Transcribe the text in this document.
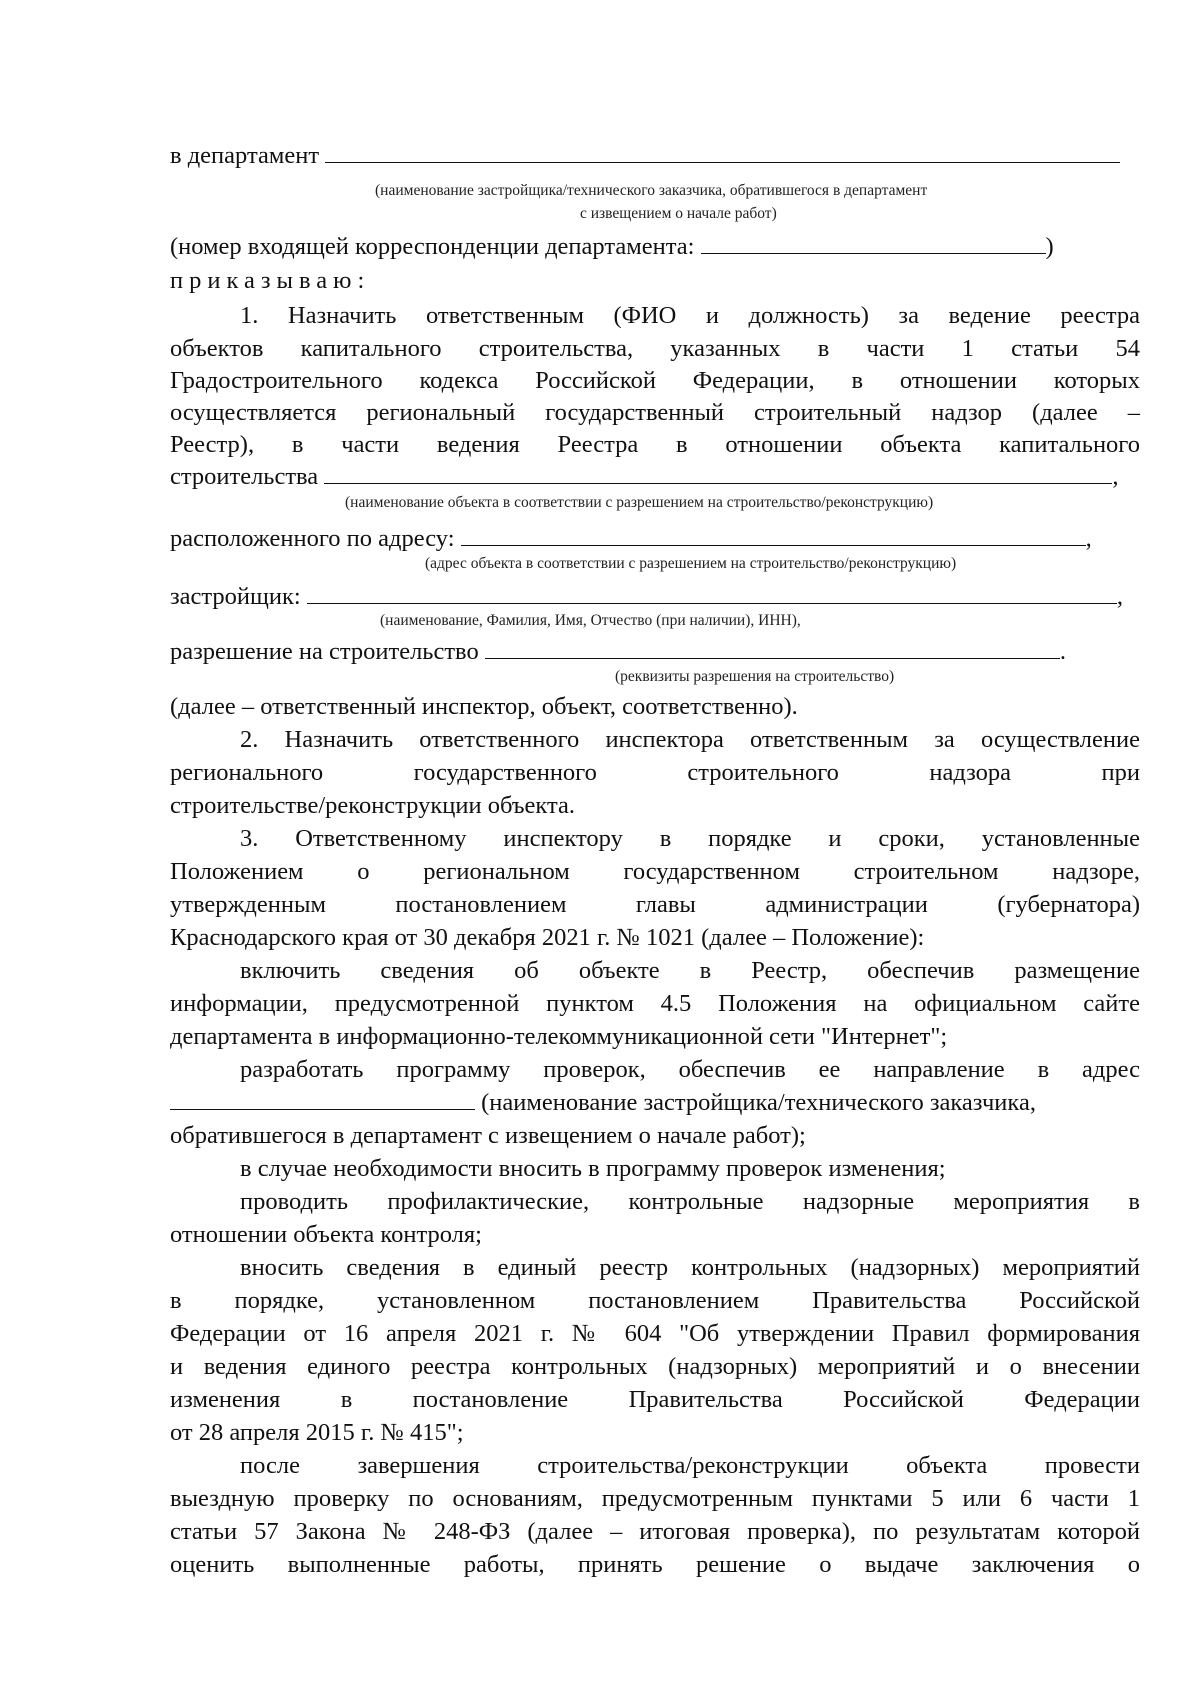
в департамент
(наименование застройщика/технического заказчика, обратившегося в департамент
с извещением о начале работ)
(номер входящей корреспонденции департамента:	)
приказываю:
1. Назначить ответственным (ФИО и должность) за ведение реестра
объектов капитального строительства, указанных в части 1 статьи 54
Градостроительного кодекса Российской Федерации, в отношении которых
осуществляется региональный государственный строительный надзор (далее –
Реестр), в части ведения Реестра в отношении объекта капитального
строительства	,
(наименование объекта в соответствии с разрешением на строительство/реконструкцию)
расположенного по адресу:	,
(адрес объекта в соответствии с разрешением на строительство/реконструкцию)
застройщик:	,
(наименование, Фамилия, Имя, Отчество (при наличии), ИНН),
разрешение на строительство	.
(реквизиты разрешения на строительство)
(далее – ответственный инспектор, объект, соответственно).
2. Назначить ответственного инспектора ответственным за осуществление
регионального государственного строительного надзора при
строительстве/реконструкции объекта.
3. Ответственному инспектору в порядке и сроки, установленные
Положением о региональном государственном строительном надзоре,
утвержденным постановлением главы администрации (губернатора)
Краснодарского края от 30 декабря 2021 г. № 1021 (далее – Положение):
включить сведения об объекте в Реестр, обеспечив размещение
информации, предусмотренной пунктом 4.5 Положения на официальном сайте
департамента в информационно-телекоммуникационной сети "Интернет";
разработать программу проверок, обеспечив ее направление в адрес
(наименование застройщика/технического заказчика,
обратившегося в департамент с извещением о начале работ);
в случае необходимости вносить в программу проверок изменения;
проводить профилактические, контрольные надзорные мероприятия в
отношении объекта контроля;
вносить сведения в единый реестр контрольных (надзорных) мероприятий
в порядке, установленном постановлением Правительства Российской
Федерации от 16 апреля 2021 г. № 604 "Об утверждении Правил формирования
и ведения единого реестра контрольных (надзорных) мероприятий и о внесении
изменения в постановление Правительства Российской Федерации
от 28 апреля 2015 г. № 415";
после завершения строительства/реконструкции объекта провести
выездную проверку по основаниям, предусмотренным пунктами 5 или 6 части 1
статьи 57 Закона № 248-ФЗ (далее – итоговая проверка), по результатам которой
оценить выполненные работы, принять решение о выдаче заключения о
